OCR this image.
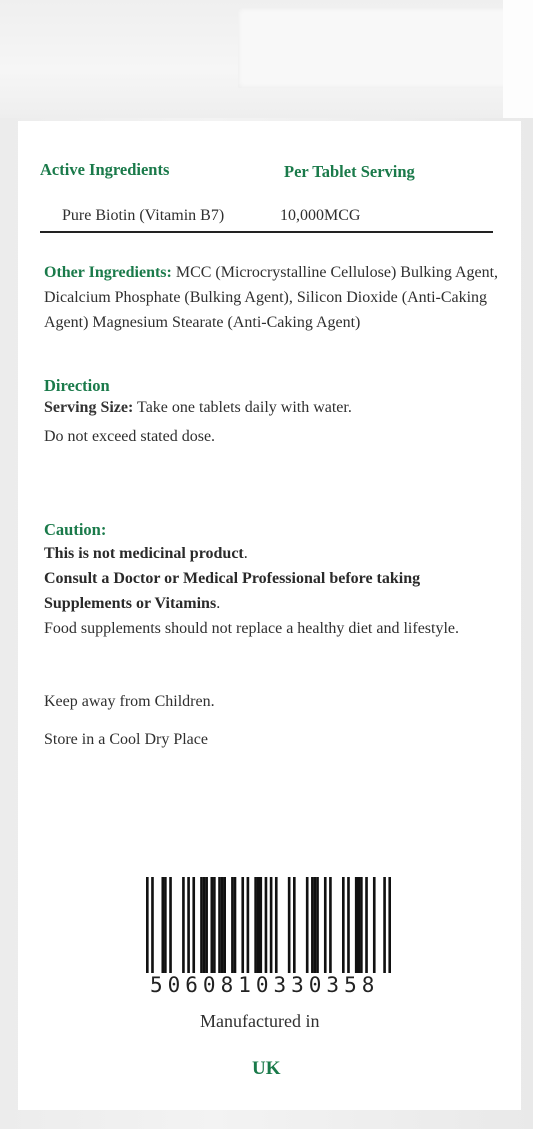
Active Ingredients	Per Tablet Serving
Pure Biotin (Vitamin B7)	10,000MCG
Other Ingredients: MCC (Microcrystalline Cellulose) Bulking Agent, Dicalcium Phosphate (Bulking Agent), Silicon Dioxide (Anti-Caking Agent) Magnesium Stearate (Anti-Caking Agent)
Direction
Serving Size: Take one tablets daily with water.
Do not exceed stated dose.
Caution:
This is not medicinal product.
Consult a Doctor or Medical Professional before taking
Supplements or Vitamins.
Food supplements should not replace a healthy diet and lifestyle.
Keep away from Children.
Store in a Cool Dry Place
5060810330358
Manufactured in
UK
